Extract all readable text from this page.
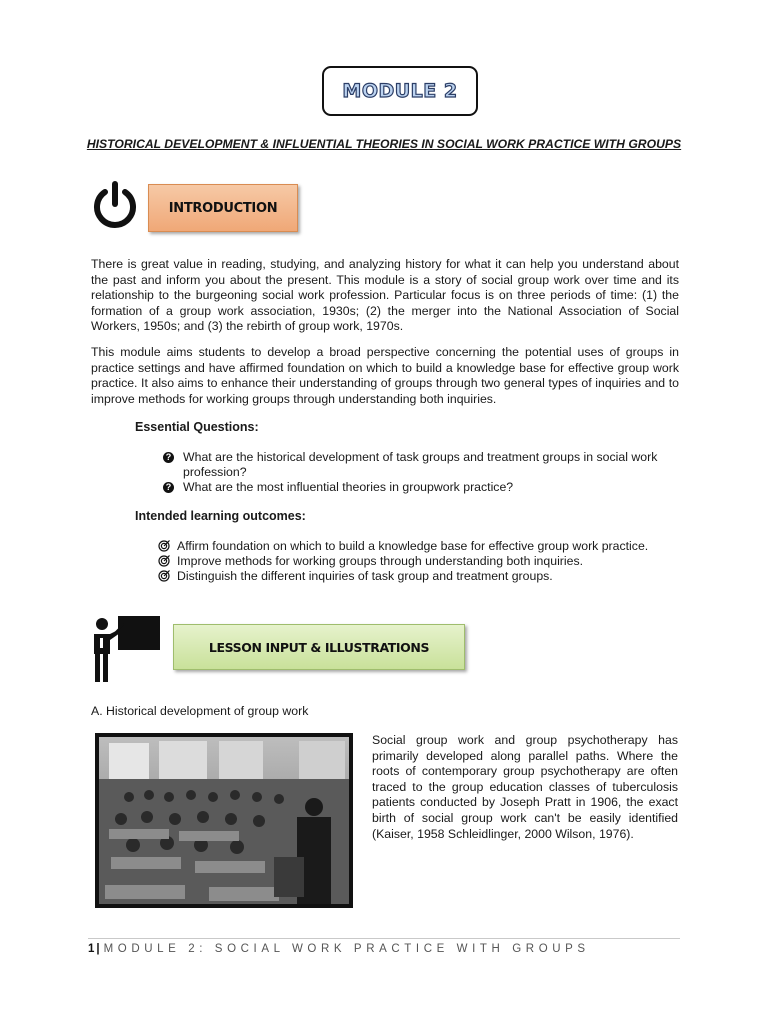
MODULE 2
HISTORICAL DEVELOPMENT & INFLUENTIAL THEORIES IN SOCIAL WORK PRACTICE WITH GROUPS
INTRODUCTION
There is great value in reading, studying, and analyzing history for what it can help you understand about the past and inform you about the present. This module is a story of social group work over time and its relationship to the burgeoning social work profession. Particular focus is on three periods of time: (1) the formation of a group work association, 1930s; (2) the merger into the National Association of Social Workers, 1950s; and (3) the rebirth of group work, 1970s.
This module aims students to develop a broad perspective concerning the potential uses of groups in practice settings and have affirmed foundation on which to build a knowledge base for effective group work practice. It also aims to enhance their understanding of groups through two general types of inquiries and to improve methods for working groups through understanding both inquiries.
Essential Questions:
? What are the historical development of task groups and treatment groups in social work profession?
? What are the most influential theories in groupwork practice?
Intended learning outcomes:
Affirm foundation on which to build a knowledge base for effective group work practice.
Improve methods for working groups through understanding both inquiries.
Distinguish the different inquiries of task group and treatment groups.
LESSON INPUT & ILLUSTRATIONS
A. Historical development of group work
Social group work and group psychotherapy has primarily developed along parallel paths. Where the roots of contemporary group psychotherapy are often traced to the group education classes of tuberculosis patients conducted by Joseph Pratt in 1906, the exact birth of social group work can't be easily identified (Kaiser, 1958 Schleidlinger, 2000 Wilson, 1976).
1 | MODULE 2: SOCIAL WORK PRACTICE WITH GROUPS
